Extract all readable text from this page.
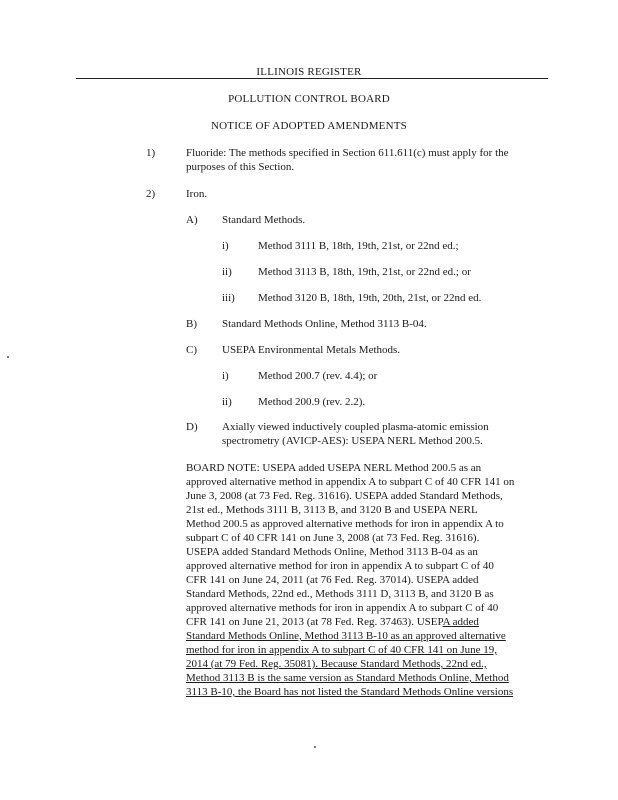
ILLINOIS REGISTER
POLLUTION CONTROL BOARD
NOTICE OF ADOPTED AMENDMENTS
1)	Fluoride: The methods specified in Section 611.611(c) must apply for the
purposes of this Section.
2)	Iron.
A) Standard Methods.
i)	Method 3111 B, 18th, 19th, 21st, or 22nd ed.;
ii) Method 3113 B, 18th, 19th, 21st, or 22nd ed.; or
iii) Method 3120 B, 18th, 19th, 20th, 21st, or 22nd ed.
B) Standard Methods Online, Method 3113 B-04.
C) USEPA Environmental Metals Methods.
i)	Method 200.7 (rev. 4.4); or
ii) Method 200.9 (rev. 2.2).
D) Axially viewed inductively coupled plasma-atomic emission
spectrometry (AVICP-AES): USEPA NERL Method 200.5.
BOARD NOTE: USEPA added USEPA NERL Method 200.5 as an
approved alternative method in appendix A to subpart C of 40 CFR 141 on
June 3, 2008 (at 73 Fed. Reg. 31616). USEPA added Standard Methods,
21st ed., Methods 3111 B, 3113 B, and 3120 B and USEPA NERL
Method 200.5 as approved alternative methods for iron in appendix A to
subpart C of 40 CFR 141 on June 3, 2008 (at 73 Fed. Reg. 31616).
USEPA added Standard Methods Online, Method 3113 B-04 as an
approved alternative method for iron in appendix A to subpart C of 40
CFR 141 on June 24, 2011 (at 76 Fed. Reg. 37014). USEPA added
Standard Methods, 22nd ed., Methods 3111 D, 3113 B, and 3120 B as
approved alternative methods for iron in appendix A to subpart C of 40
CFR 141 on June 21, 2013 (at 78 Fed. Reg. 37463). USEPA added
Standard Methods Online, Method 3113 B-10 as an approved alternative
method for iron in appendix A to subpart C of 40 CFR 141 on June 19,
2014 (at 79 Fed. Reg. 35081). Because Standard Methods, 22nd ed.,
Method 3113 B is the same version as Standard Methods Online, Method
3113 B-10, the Board has not listed the Standard Methods Online versions
